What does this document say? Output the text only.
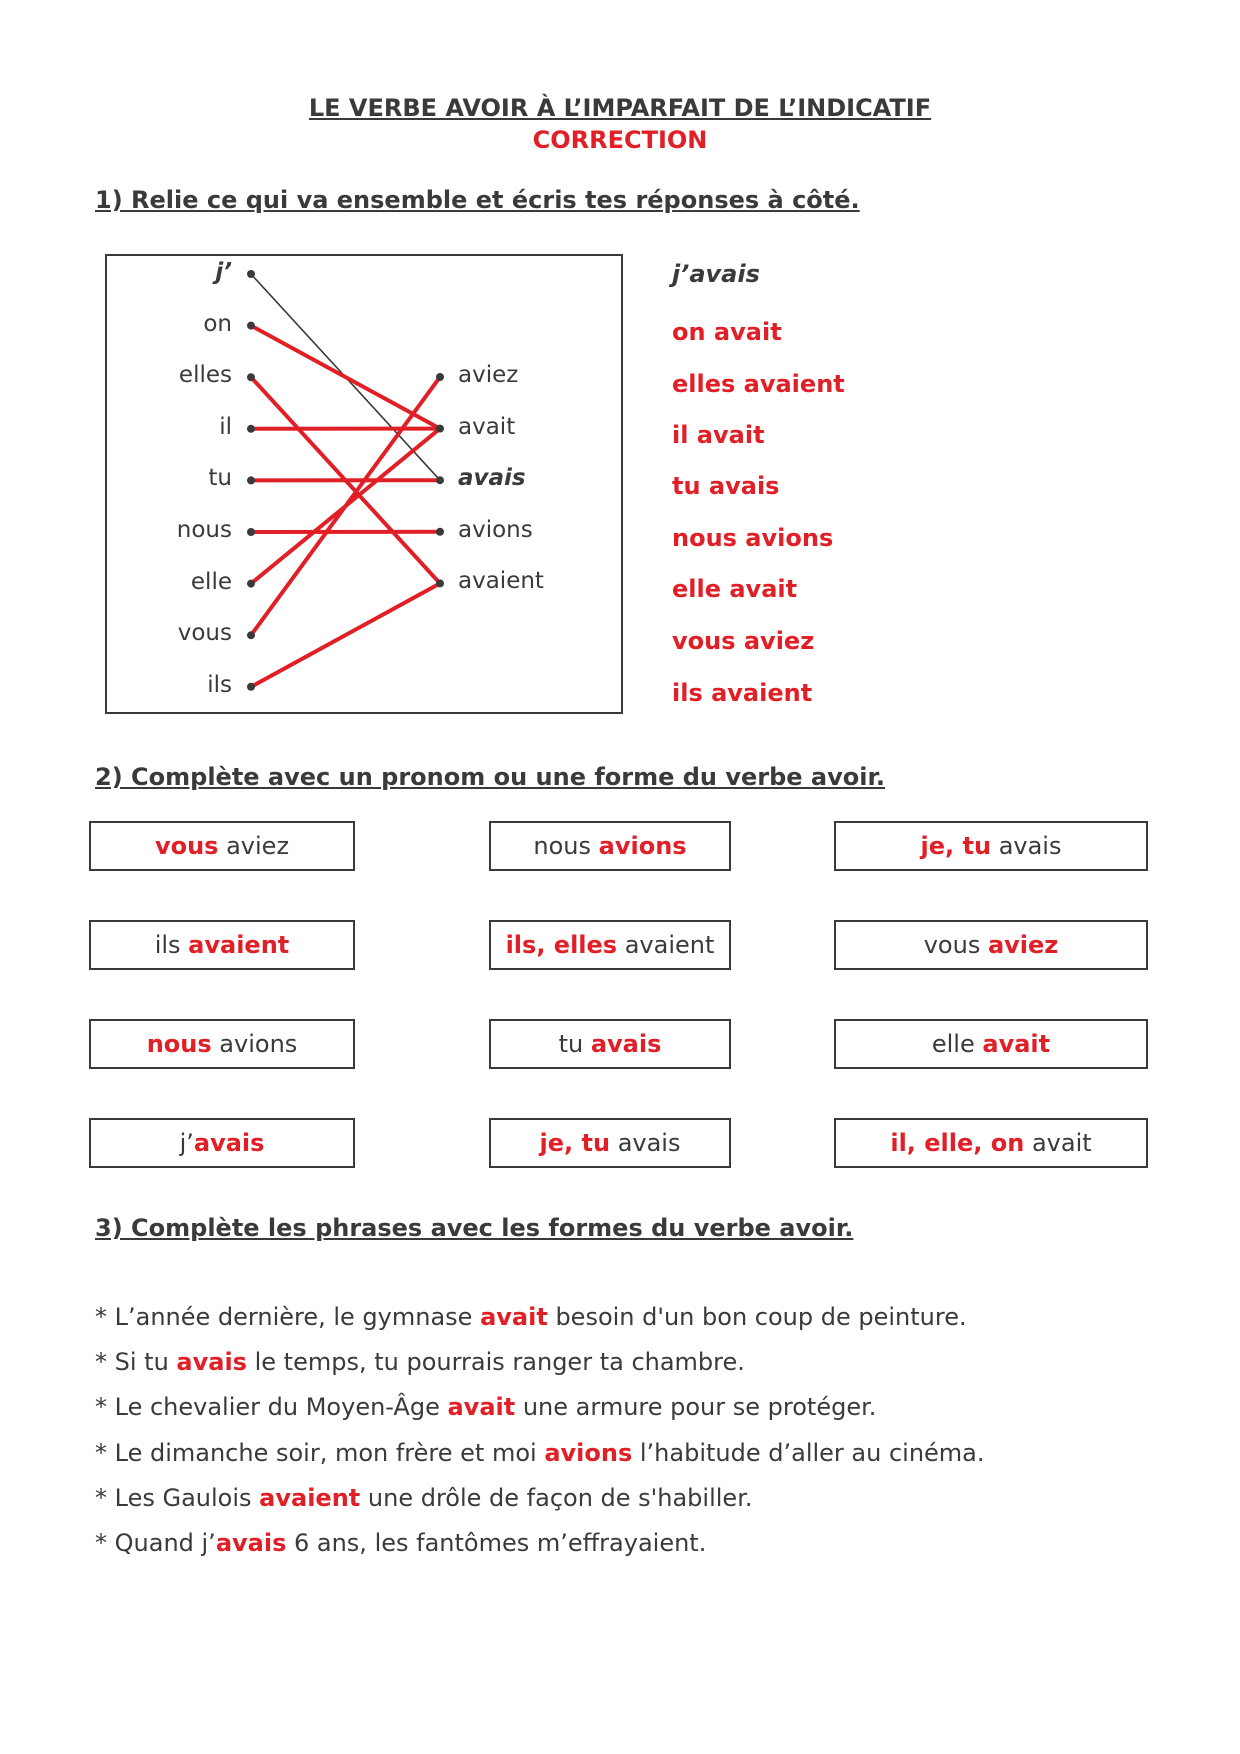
LE VERBE AVOIR À L’IMPARFAIT DE L’INDICATIF
CORRECTION
1) Relie ce qui va ensemble et écris tes réponses à côté.
j’
on
elles
il
tu
nous
elle
vous
ils
aviez
avait
avais
avions
avaient
j’avais
on avait
elles avaient
il avait
tu avais
nous avions
elle avait
vous aviez
ils avaient
2) Complète avec un pronom ou une forme du verbe avoir.
vous aviez	nous avions	je, tu avais
ils avaient	ils, elles avaient	vous aviez
nous avions	tu avais	elle avait
j’ avais	je, tu avais	il, elle, on avait
3) Complète les phrases avec les formes du verbe avoir.
* L’année dernière, le gymnase avait besoin d'un bon coup de peinture.
* Si tu avais le temps, tu pourrais ranger ta chambre.
* Le chevalier du Moyen-Âge avait une armure pour se protéger.
* Le dimanche soir, mon frère et moi avions l’habitude d’aller au cinéma.
* Les Gaulois avaient une drôle de façon de s'habiller.
* Quand j’avais 6 ans, les fantômes m’effrayaient.
